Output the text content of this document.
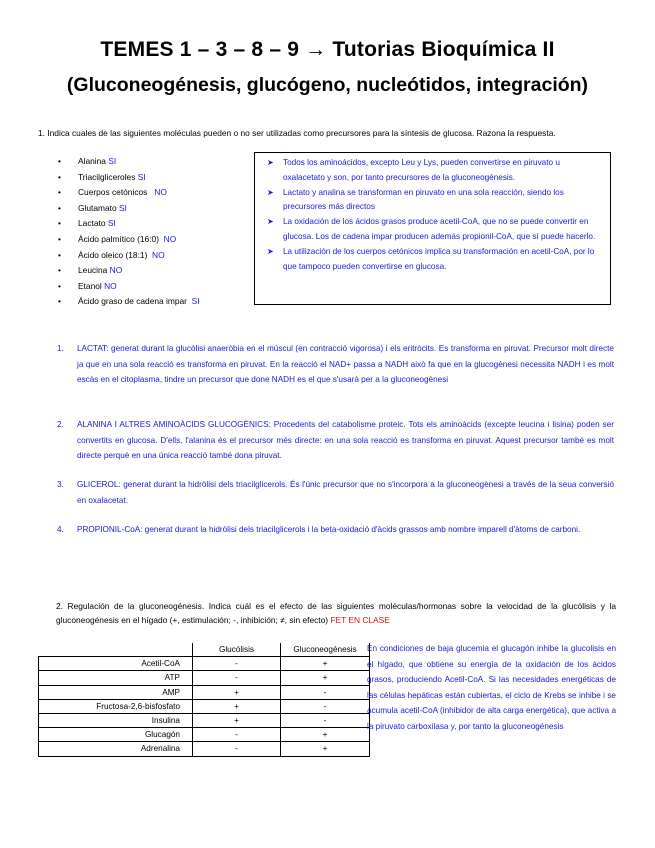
TEMES 1 – 3 – 8 – 9 → Tutorias Bioquímica II
(Gluconeogénesis, glucógeno, nucleótidos, integración)
1. Indica cuales de las siguientes moléculas pueden o no ser utilizadas como precursores para la síntesis de glucosa. Razona la respuesta.
• Alanina SI
• Triacilgliceroles SI
• Cuerpos cetónicos NO
• Glutamato SI
• Lactato SI
• Ácido palmítico (16:0) NO
• Ácido oleico (18:1) NO
• Leucina NO
• Etanol NO
• Ácido graso de cadena impar SI
➤ Todos los aminoácidos, excepto Leu y Lys, pueden convertirse en piruvato u oxalacetato y son, por tanto precursores de la gluconeogénesis.
➤ Lactato y analina se transforman en piruvato en una sola reacción, siendo los precursores más directos
➤ La oxidación de los ácidos grasos produce acetil-CoA, que no se puede convertir en glucosa. Los de cadena impar producen además propionil-CoA, que sí puede hacerlo.
➤ La utilización de los cuerpos cetónicos implica su transformación en acetil-CoA, por lo que tampoco pueden convertirse en glucosa.
1. LACTAT: generat durant la glucòlisi anaeròbia en el múscul (en contracció vigorosa) i els eritròcits. Es transforma en piruvat. Precursor molt directe ja que en una sola reacció es transforma en piruvat. En la reacció el NAD+ passa a NADH això fa que en la glucogènesi necessita NADH i es molt escàs en el citoplasma, tindre un precursor que done NADH es el que s'usarà per a la gluconeogènesi
2. ALANINA I ALTRES AMINOÀCIDS GLUCOGÈNICS: Procedents del catabolisme proteic. Tots els aminoàcids (excepte leucina i lisina) poden ser convertits en glucosa. D'ells, l'alanina és el precursor més directe: en una sola reacció es transforma en piruvat. Aquest precursor també es molt directe perquè en una única reacció també dona piruvat.
3. GLICEROL: generat durant la hidròlisi dels triacilglicerols. És l'únic precursor que no s'incorpora a la gluconeogènesi a través de la seua conversió en oxalacetat.
4. PROPIONIL-CoA: generat durant la hidròlisi dels triacilglicerols i la beta-oxidació d'àcids grassos amb nombre imparell d'àtoms de carboni.
2. Regulación de la gluconeogénesis. Indica cuál es el efecto de las siguientes moléculas/hormonas sobre la velocidad de la glucólisis y la gluconeogénesis en el hígado (+, estimulación; -, inhibición; ≠, sin efecto) FET EN CLASE
	Glucólisis	Gluconeogénesis
Acetil-CoA	-	+
ATP	-	+
AMP	+	-
Fructosa-2,6-bisfosfato	+	-
Insulina	+	-
Glucagón	-	+
Adrenalina	-	+
En condiciones de baja glucemia el glucagón inhibe la glucolisis en el hígado, que obtiene su energía de la oxidación de los ácidos grasos, produciendo Acetil-CoA. Si las necesidades energéticas de las células hepáticas están cubiertas, el ciclo de Krebs se inhibe i se acumula acetil-CoA (inhibidor de alta carga energética), que activa a la piruvato carboxilasa y, por tanto la gluconeogénesis
